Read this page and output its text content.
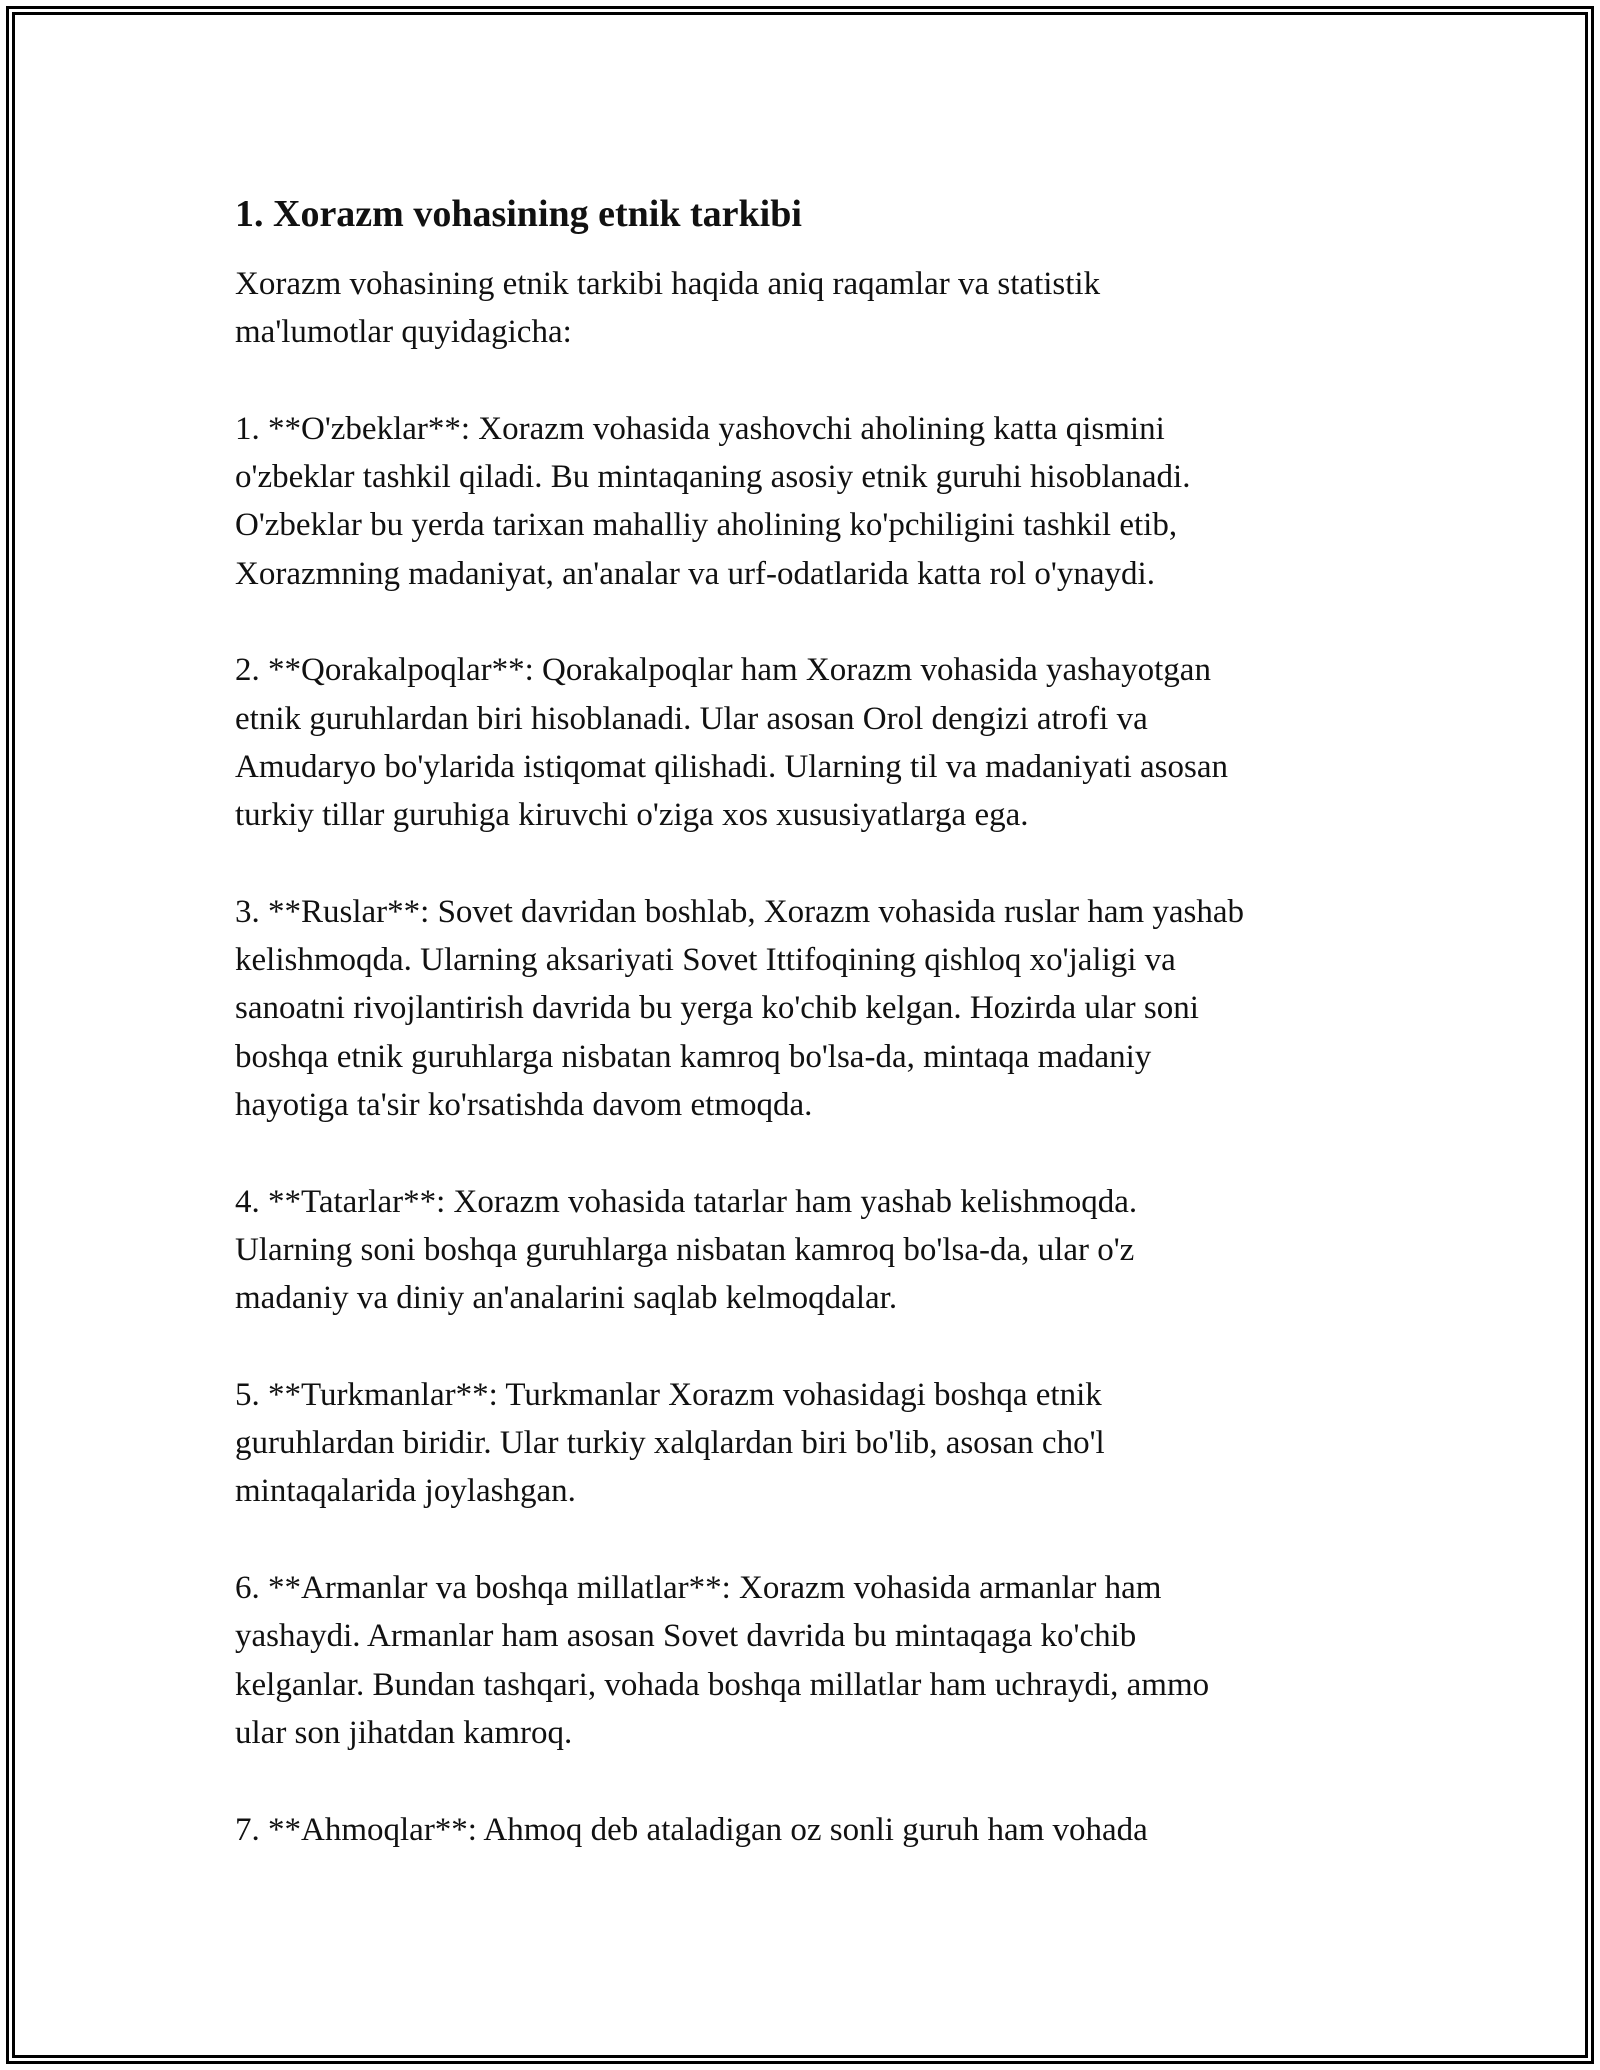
1. Xorazm vohasining etnik tarkibi
Xorazm vohasining etnik tarkibi haqida aniq raqamlar va statistik
ma'lumotlar quyidagicha:
1. **O'zbeklar**: Xorazm vohasida yashovchi aholining katta qismini
o'zbeklar tashkil qiladi. Bu mintaqaning asosiy etnik guruhi hisoblanadi.
O'zbeklar bu yerda tarixan mahalliy aholining ko'pchiligini tashkil etib,
Xorazmning madaniyat, an'analar va urf-odatlarida katta rol o'ynaydi.
2. **Qorakalpoqlar**: Qorakalpoqlar ham Xorazm vohasida yashayotgan
etnik guruhlardan biri hisoblanadi. Ular asosan Orol dengizi atrofi va
Amudaryo bo'ylarida istiqomat qilishadi. Ularning til va madaniyati asosan
turkiy tillar guruhiga kiruvchi o'ziga xos xususiyatlarga ega.
3. **Ruslar**: Sovet davridan boshlab, Xorazm vohasida ruslar ham yashab
kelishmoqda. Ularning aksariyati Sovet Ittifoqining qishloq xo'jaligi va
sanoatni rivojlantirish davrida bu yerga ko'chib kelgan. Hozirda ular soni
boshqa etnik guruhlarga nisbatan kamroq bo'lsa-da, mintaqa madaniy
hayotiga ta'sir ko'rsatishda davom etmoqda.
4. **Tatarlar**: Xorazm vohasida tatarlar ham yashab kelishmoqda.
Ularning soni boshqa guruhlarga nisbatan kamroq bo'lsa-da, ular o'z
madaniy va diniy an'analarini saqlab kelmoqdalar.
5. **Turkmanlar**: Turkmanlar Xorazm vohasidagi boshqa etnik
guruhlardan biridir. Ular turkiy xalqlardan biri bo'lib, asosan cho'l
mintaqalarida joylashgan.
6. **Armanlar va boshqa millatlar**: Xorazm vohasida armanlar ham
yashaydi. Armanlar ham asosan Sovet davrida bu mintaqaga ko'chib
kelganlar. Bundan tashqari, vohada boshqa millatlar ham uchraydi, ammo
ular son jihatdan kamroq.
7. **Ahmoqlar**: Ahmoq deb ataladigan oz sonli guruh ham vohada
